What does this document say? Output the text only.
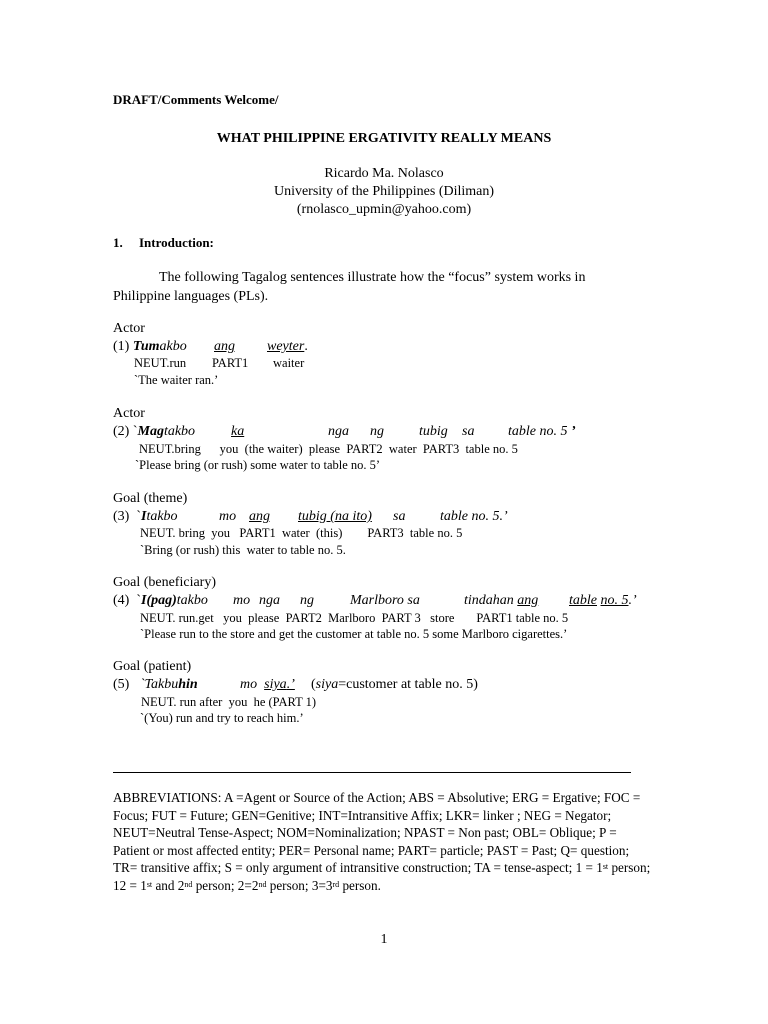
DRAFT/Comments Welcome/
WHAT PHILIPPINE ERGATIVITY REALLY MEANS
Ricardo Ma. Nolasco
University of the Philippines (Diliman)
(rnolasco_upmin@yahoo.com)
1. Introduction:
The following Tagalog sentences illustrate how the “focus” system works in
Philippine languages (PLs).
Actor
(1) Tumakbo ang weyter.
NEUT.run PART1 waiter
`The waiter ran.’
Actor
(2) `Magtakbo	ka	nga ng	tubig sa table no. 5 ’
NEUT.bring      you  (the waiter)  please  PART2  water  PART3  table no. 5
`Please bring (or rush) some water to table no. 5’
Goal (theme)
(3) `Itakbo	mo ang tubig (na ito) sa table no. 5.’
NEUT. bring  you   PART1  water  (this)        PART3  table no. 5
`Bring (or rush) this  water to table no. 5.
Goal (beneficiary)
(4) `I(pag)takbo mo nga ng	Marlboro sa	tindahan ang table no. 5.’
NEUT. run.get   you  please  PART2  Marlboro  PART 3   store       PART1 table no. 5
`Please run to the store and get the customer at table no. 5 some Marlboro cigarettes.’
Goal (patient)
(5) `Takbuhin	mo siya.’ (siya=customer at table no. 5)
NEUT. run after  you  he (PART 1)
`(You) run and try to reach him.’
ABBREVIATIONS: A =Agent or Source of the Action; ABS = Absolutive; ERG = Ergative; FOC = Focus; FUT = Future; GEN=Genitive; INT=Intransitive Affix; LKR= linker ; NEG = Negator; NEUT=Neutral Tense-Aspect; NOM=Nominalization; NPAST = Non past; OBL= Oblique; P = Patient or most affected entity; PER= Personal name; PART= particle; PAST = Past; Q= question; TR= transitive affix; S = only argument of intransitive construction; TA = tense-aspect; 1 = 1st person; 12 = 1st and 2nd person; 2=2nd person; 3=3rd person.
1
